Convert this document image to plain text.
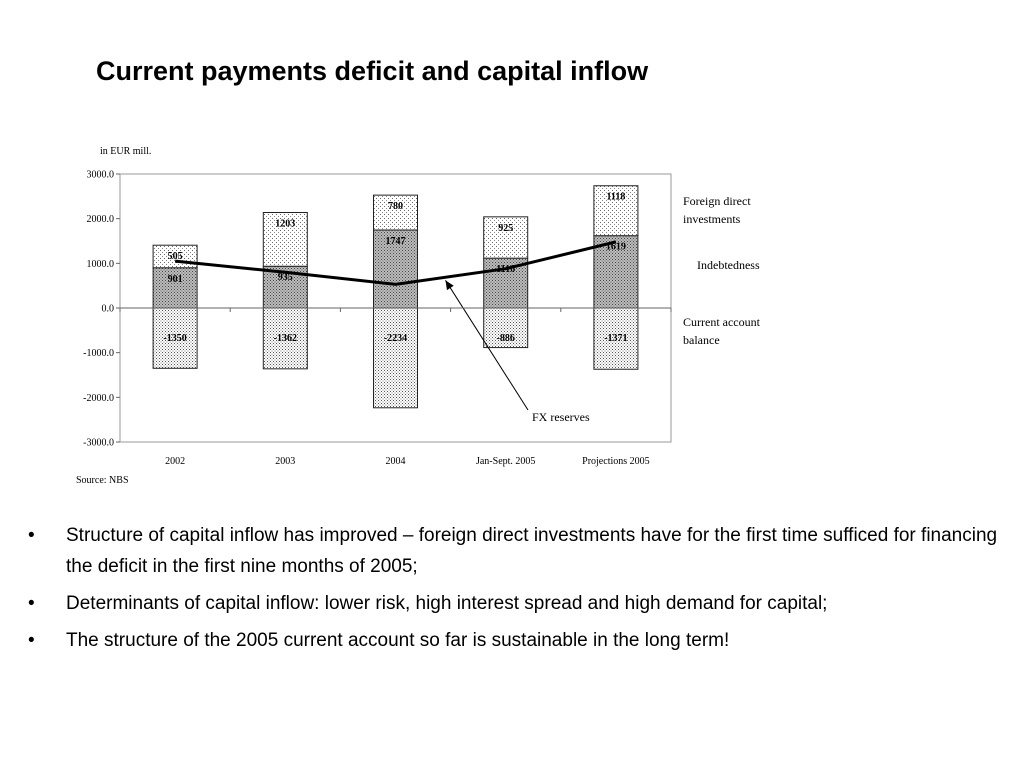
Current payments deficit and capital inflow
in EUR mill.
3000.0
2000.0
1000.0
0.0
-1000.0
-2000.0
-3000.0
-1350
901
505
-1362
935
1203
-2234
1747
780
-886
1116
925
-1371
1619
1118
FX reserves
2002	2003	2004	Jan-Sept. 2005	Projections 2005
Foreign direct
investments
Indebtedness
Current account
balance
Source: NBS
• Structure of capital inflow has improved – foreign direct investments have for the first time sufficed for financing the deficit in the first nine months of 2005;
• Determinants of capital inflow: lower risk, high interest spread and high demand for capital;
• The structure of the 2005 current account so far is sustainable in the long term!
